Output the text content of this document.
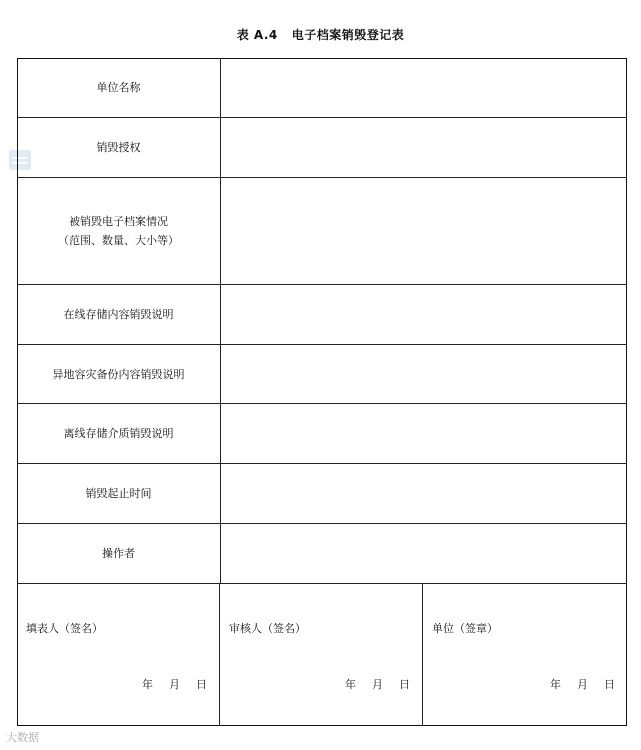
表 A.4 电子档案销毁登记表
单位名称
销毁授权
被销毁电子档案情况
（范围、数量、大小等）
在线存储内容销毁说明
异地容灾备份内容销毁说明
离线存储介质销毁说明
销毁起止时间
操作者
填表人（签名）
年 月 日
审核人（签名）
年 月 日
单位（签章）
年 月 日
大数据
